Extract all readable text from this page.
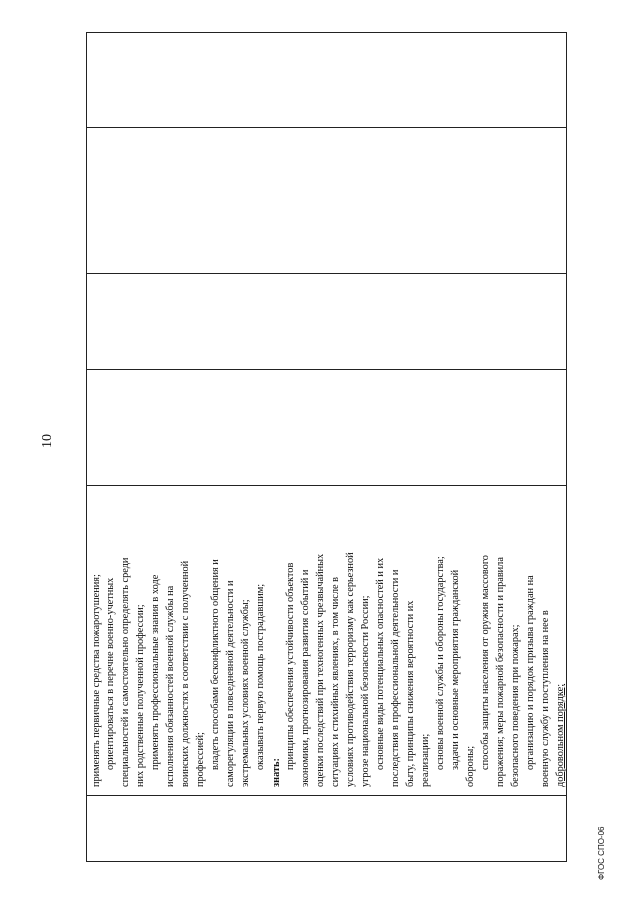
10
ФГОС СПО-06
применять первичные средства пожаротушения; ориентироваться в перечне военно-учетных специальностей и самостоятельно определять среди них родственные полученной профессии; применять профессиональные знания в ходе исполнения обязанностей военной службы на воинских должностях в соответствии с полученной профессией; владеть способами бесконфликтного общения и саморегуляции в повседневной деятельности и экстремальных условиях военной службы; оказывать первую помощь пострадавшим;
знать:
принципы обеспечения устойчивости объектов экономики, прогнозирования развития событий и оценки последствий при техногенных чрезвычайных ситуациях и стихийных явлениях, в том числе в условиях противодействия терроризму как серьезной угрозе национальной безопасности России; основные виды потенциальных опасностей и их последствия в профессиональной деятельности и быту, принципы снижения вероятности их реализации; основы военной службы и обороны государства; задачи и основные мероприятия гражданской обороны; способы защиты населения от оружия массового поражения; меры пожарной безопасности и правила безопасного поведения при пожарах; организацию и порядок призыва граждан на военную службу и поступления на нее в добровольном порядке;
